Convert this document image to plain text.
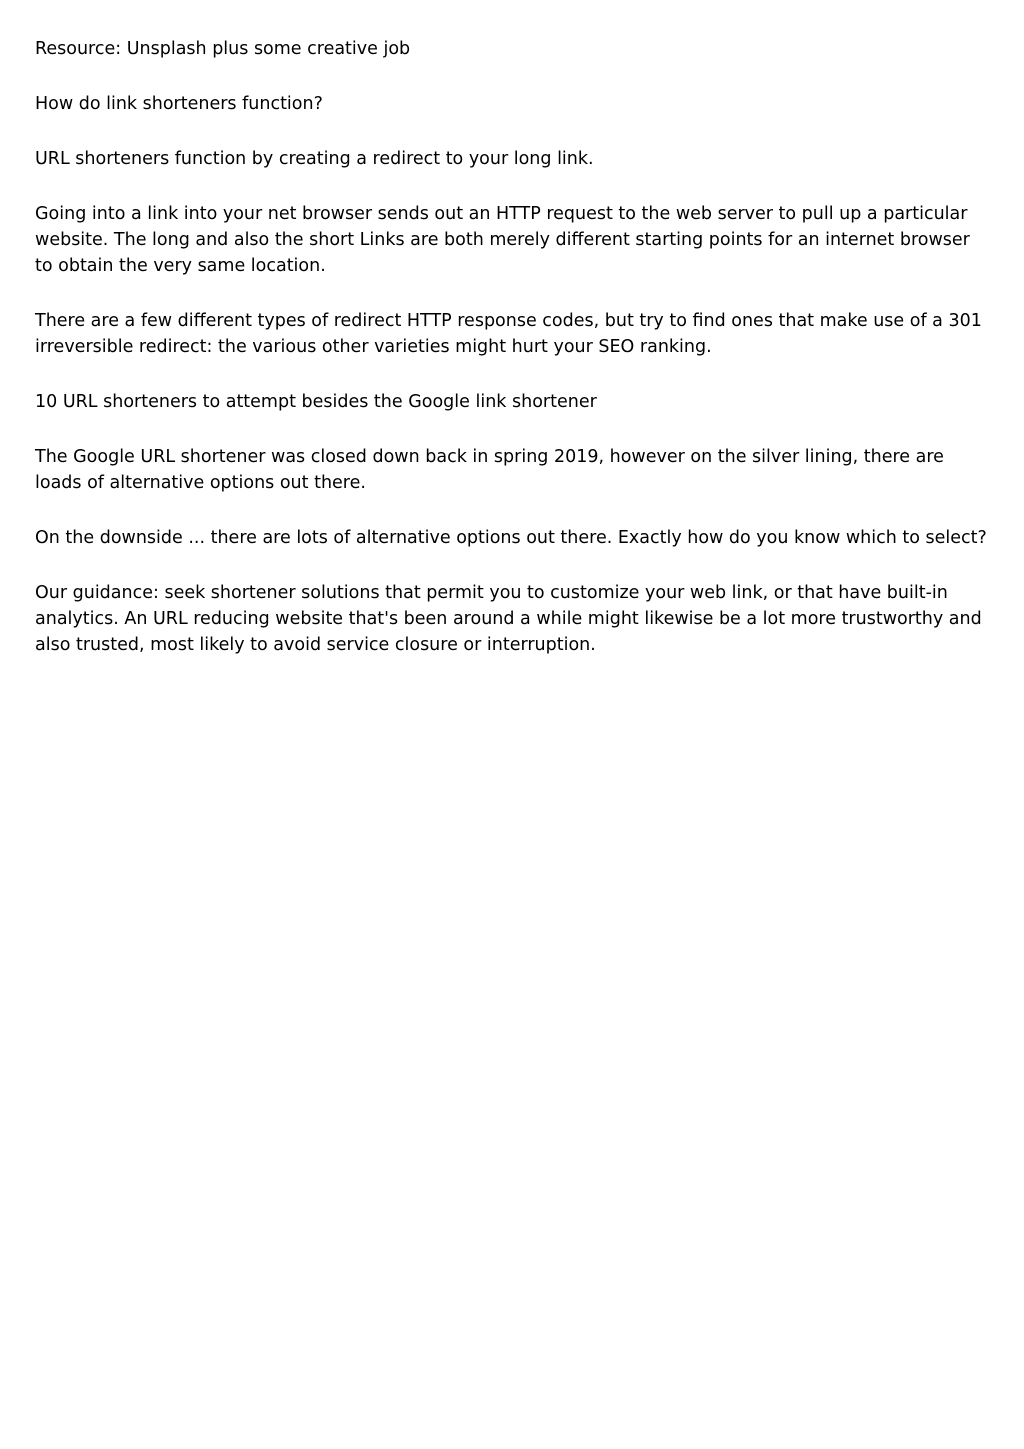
Resource: Unsplash plus some creative job

How do link shorteners function?

URL shorteners function by creating a redirect to your long link.

Going into a link into your net browser sends out an HTTP request to the web server to pull up a particular website. The long and also the short Links are both merely different starting points for an internet browser to obtain the very same location.

There are a few different types of redirect HTTP response codes, but try to find ones that make use of a 301 irreversible redirect: the various other varieties might hurt your SEO ranking.

10 URL shorteners to attempt besides the Google link shortener

The Google URL shortener was closed down back in spring 2019, however on the silver lining, there are loads of alternative options out there.

On the downside ... there are lots of alternative options out there. Exactly how do you know which to select?

Our guidance: seek shortener solutions that permit you to customize your web link, or that have built-in analytics. An URL reducing website that's been around a while might likewise be a lot more trustworthy and also trusted, most likely to avoid service closure or interruption.
